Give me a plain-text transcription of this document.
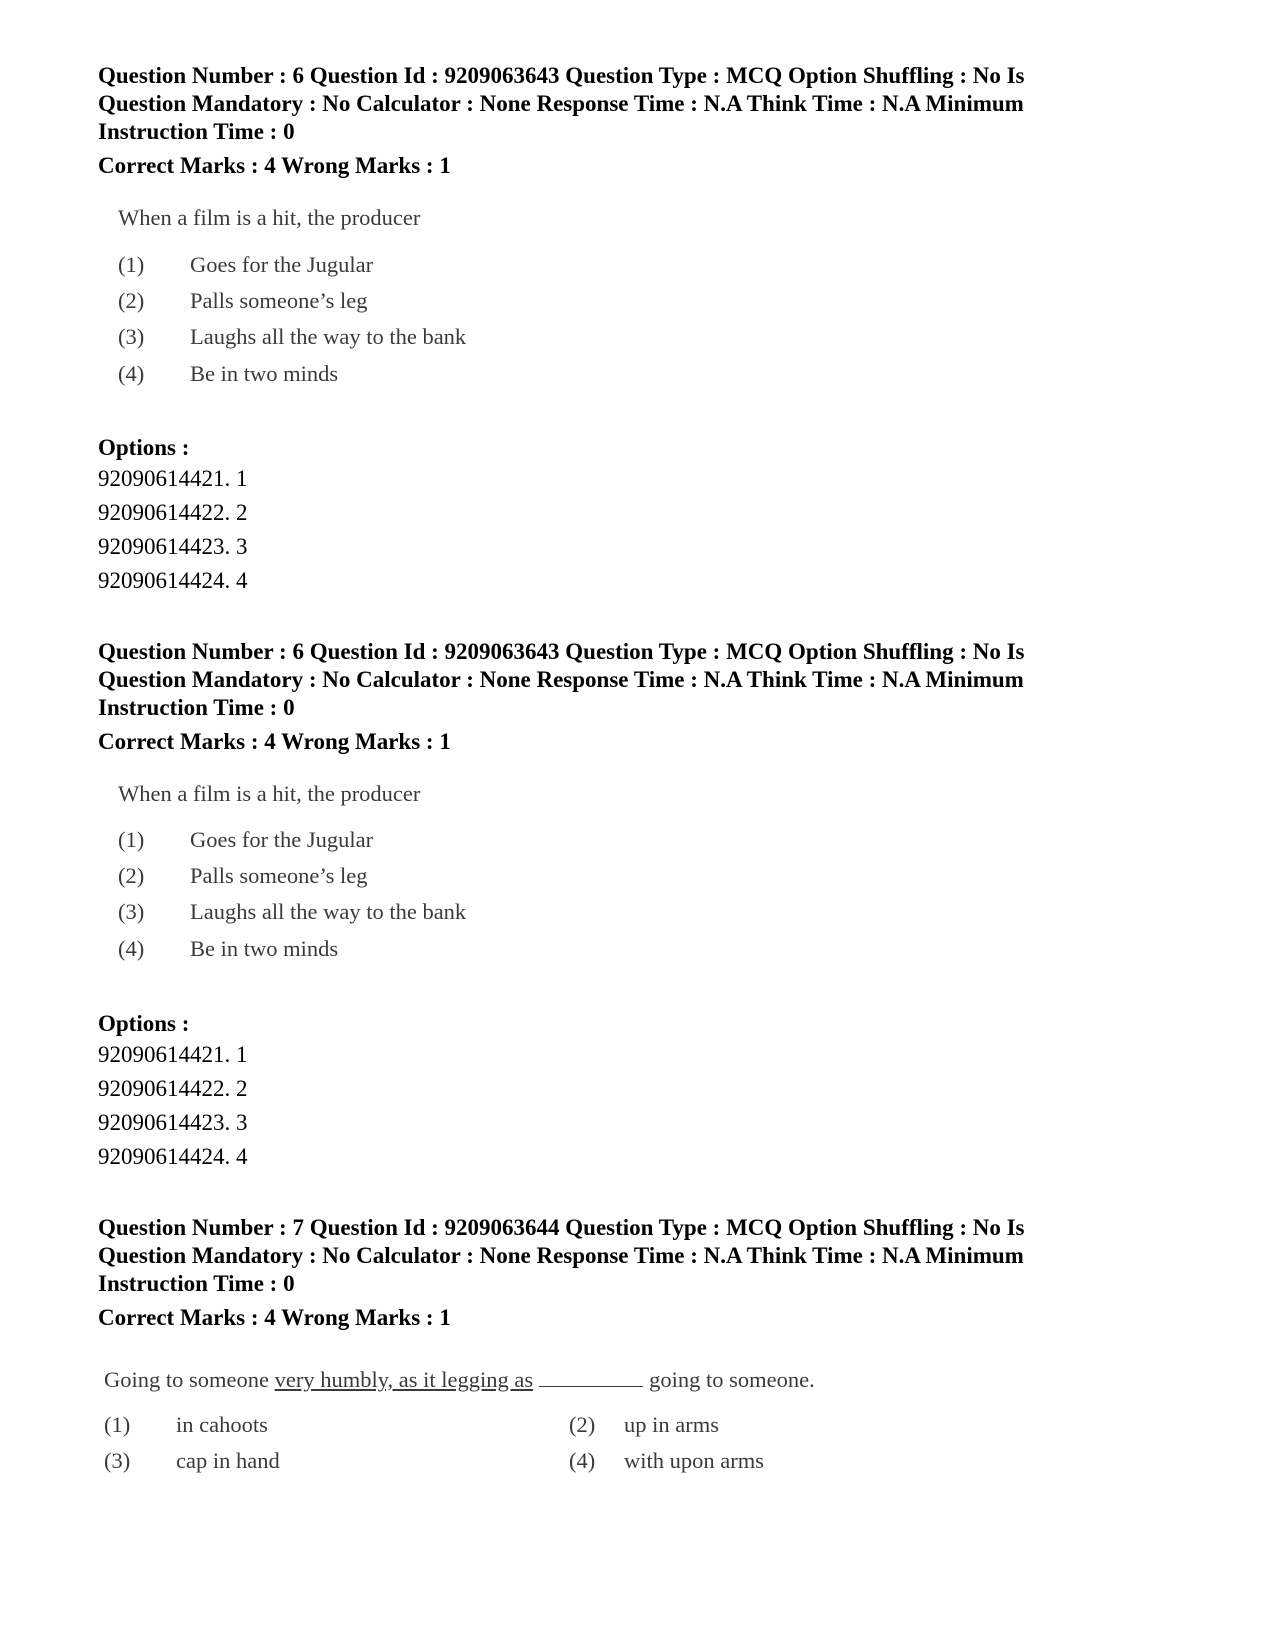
Question Number : 6 Question Id : 9209063643 Question Type : MCQ Option Shuffling : No Is

Question Mandatory : No Calculator : None Response Time : N.A Think Time : N.A Minimum

Instruction Time : 0

Correct Marks : 4 Wrong Marks : 1

When a film is a hit, the producer
(1) Goes for the Jugular
(2) Palls someone’s leg
(3) Laughs all the way to the bank
(4) Be in two minds

Options :

92090614421. 1

92090614422. 2

92090614423. 3

92090614424. 4

Question Number : 6 Question Id : 9209063643 Question Type : MCQ Option Shuffling : No Is

Question Mandatory : No Calculator : None Response Time : N.A Think Time : N.A Minimum

Instruction Time : 0

Correct Marks : 4 Wrong Marks : 1

When a film is a hit, the producer
(1) Goes for the Jugular
(2) Palls someone’s leg
(3) Laughs all the way to the bank
(4) Be in two minds

Options :

92090614421. 1

92090614422. 2

92090614423. 3

92090614424. 4

Question Number : 7 Question Id : 9209063644 Question Type : MCQ Option Shuffling : No Is

Question Mandatory : No Calculator : None Response Time : N.A Think Time : N.A Minimum

Instruction Time : 0

Correct Marks : 4 Wrong Marks : 1

Going to someone very humbly, as it legging as	going to someone.
(1) in cahoots	(2) up in arms
(3) cap in hand	(4) with upon arms
